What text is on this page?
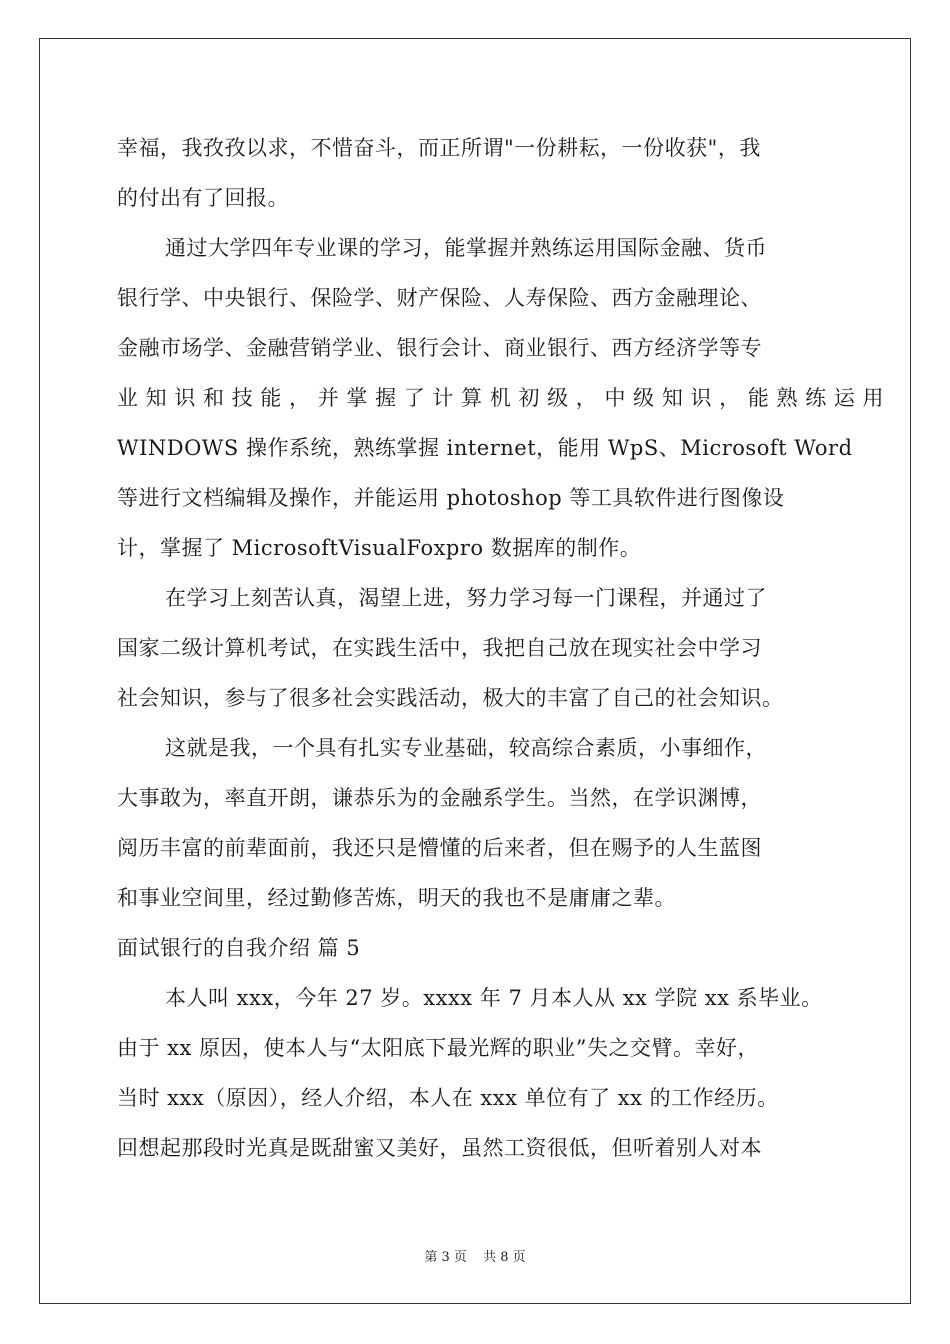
幸福，我孜孜以求，不惜奋斗，而正所谓"一份耕耘，一份收获"，我
的付出有了回报。
通过大学四年专业课的学习，能掌握并熟练运用国际金融、货币
银行学、中央银行、保险学、财产保险、人寿保险、西方金融理论、
金融市场学、金融营销学业、银行会计、商业银行、西方经济学等专
业 知 识 和 技 能 ， 并 掌 握 了 计 算 机 初 级 ， 中 级 知 识 ， 能 熟 练 运 用
WINDOWS 操作系统，熟练掌握 internet，能用 WpS、Microsoft Word
等进行文档编辑及操作，并能运用 photoshop 等工具软件进行图像设
计，掌握了 MicrosoftVisualFoxpro 数据库的制作。
在学习上刻苦认真，渴望上进，努力学习每一门课程，并通过了
国家二级计算机考试，在实践生活中，我把自己放在现实社会中学习
社会知识，参与了很多社会实践活动，极大的丰富了自己的社会知识。
这就是我，一个具有扎实专业基础，较高综合素质，小事细作，
大事敢为，率直开朗，谦恭乐为的金融系学生。当然，在学识渊博，
阅历丰富的前辈面前，我还只是懵懂的后来者，但在赐予的人生蓝图
和事业空间里，经过勤修苦炼，明天的我也不是庸庸之辈。
面试银行的自我介绍 篇 5
本人叫 xxx，今年 27 岁。xxxx 年 7 月本人从 xx 学院 xx 系毕业。
由于 xx 原因，使本人与“太阳底下最光辉的职业”失之交臂。幸好，
当时 xxx（原因），经人介绍，本人在 xxx 单位有了 xx 的工作经历。
回想起那段时光真是既甜蜜又美好，虽然工资很低，但听着别人对本
第 3 页 共 8 页
